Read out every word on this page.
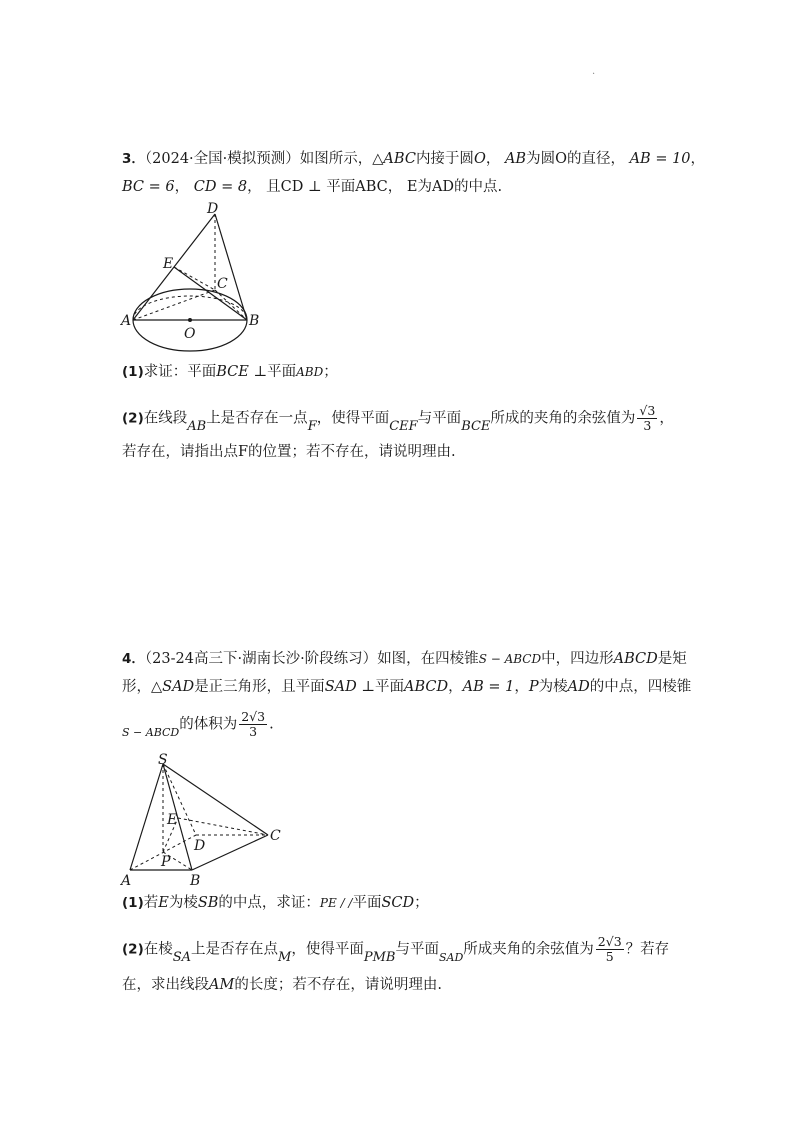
.
3．（2024·全国·模拟预测）如图所示，△ABC内接于圆O， AB为圆O的直径， AB = 10，
BC = 6， CD = 8， 且CD ⊥ 平面ABC， E为AD的中点.
D
E
C
A
O
B
(1)求证：平面BCE ⊥平面ABD；
(2)在线段AB上是否存在一点F，使得平面CEF与平面BCE所成的夹角的余弦值为 $\frac{√3}{3}$ ，
若存在，请指出点F的位置；若不存在，请说明理由.
4．（23-24高三下·湖南长沙·阶段练习）如图，在四棱锥S − ABCD中，四边形ABCD是矩
形，△SAD是正三角形，且平面SAD ⊥平面ABCD，AB = 1，P为棱AD的中点，四棱锥
$_{S - ABCD}$的体积为 $\frac{2√3}{3}$ .
S
E
C
D
P
A	B
(1)若E为棱SB的中点，求证：PE / /平面SCD；
(2)在棱SA上是否存在点M，使得平面PMB与平面$_{SAD}$所成夹角的余弦值为 $\frac{2√3}{5}$ ？若存
在，求出线段AM的长度；若不存在，请说明理由.
